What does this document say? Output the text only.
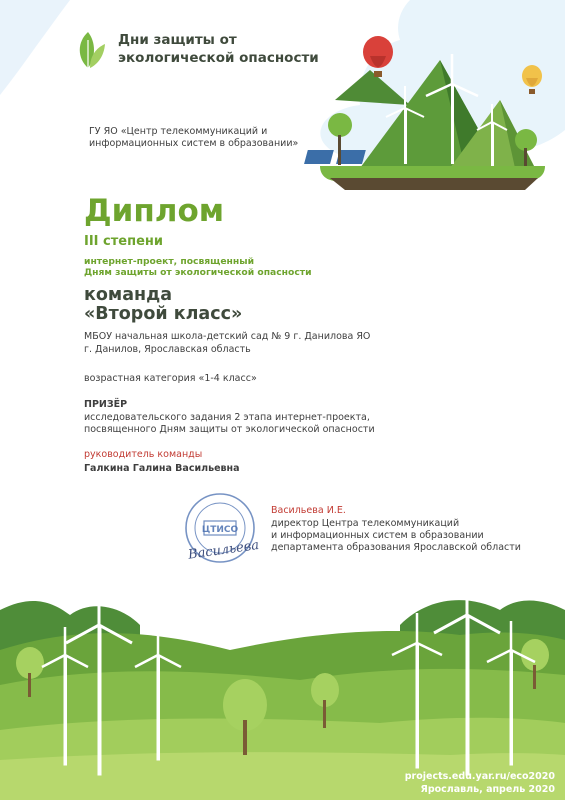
Дни защиты от
экологической опасности
ГУ ЯО «Центр телекоммуникаций и
информационных систем в образовании»
Диплом
III степени
интернет-проект, посвященный
Дням защиты от экологической опасности
команда
«Второй класс»
МБОУ начальная школа-детский сад № 9 г. Данилова ЯО
г. Данилов, Ярославская область
возрастная категория «1-4 класс»
ПРИЗЁР
исследовательского задания 2 этапа интернет-проекта,
посвященного Дням защиты от экологической опасности
руководитель команды
Галкина Галина Васильевна
ЦТИСО
Васильева
Васильева И.Е.
директор Центра телекоммуникаций
и информационных систем в образовании
департамента образования Ярославской области
projects.edu.yar.ru/eco2020
Ярославль, апрель 2020
